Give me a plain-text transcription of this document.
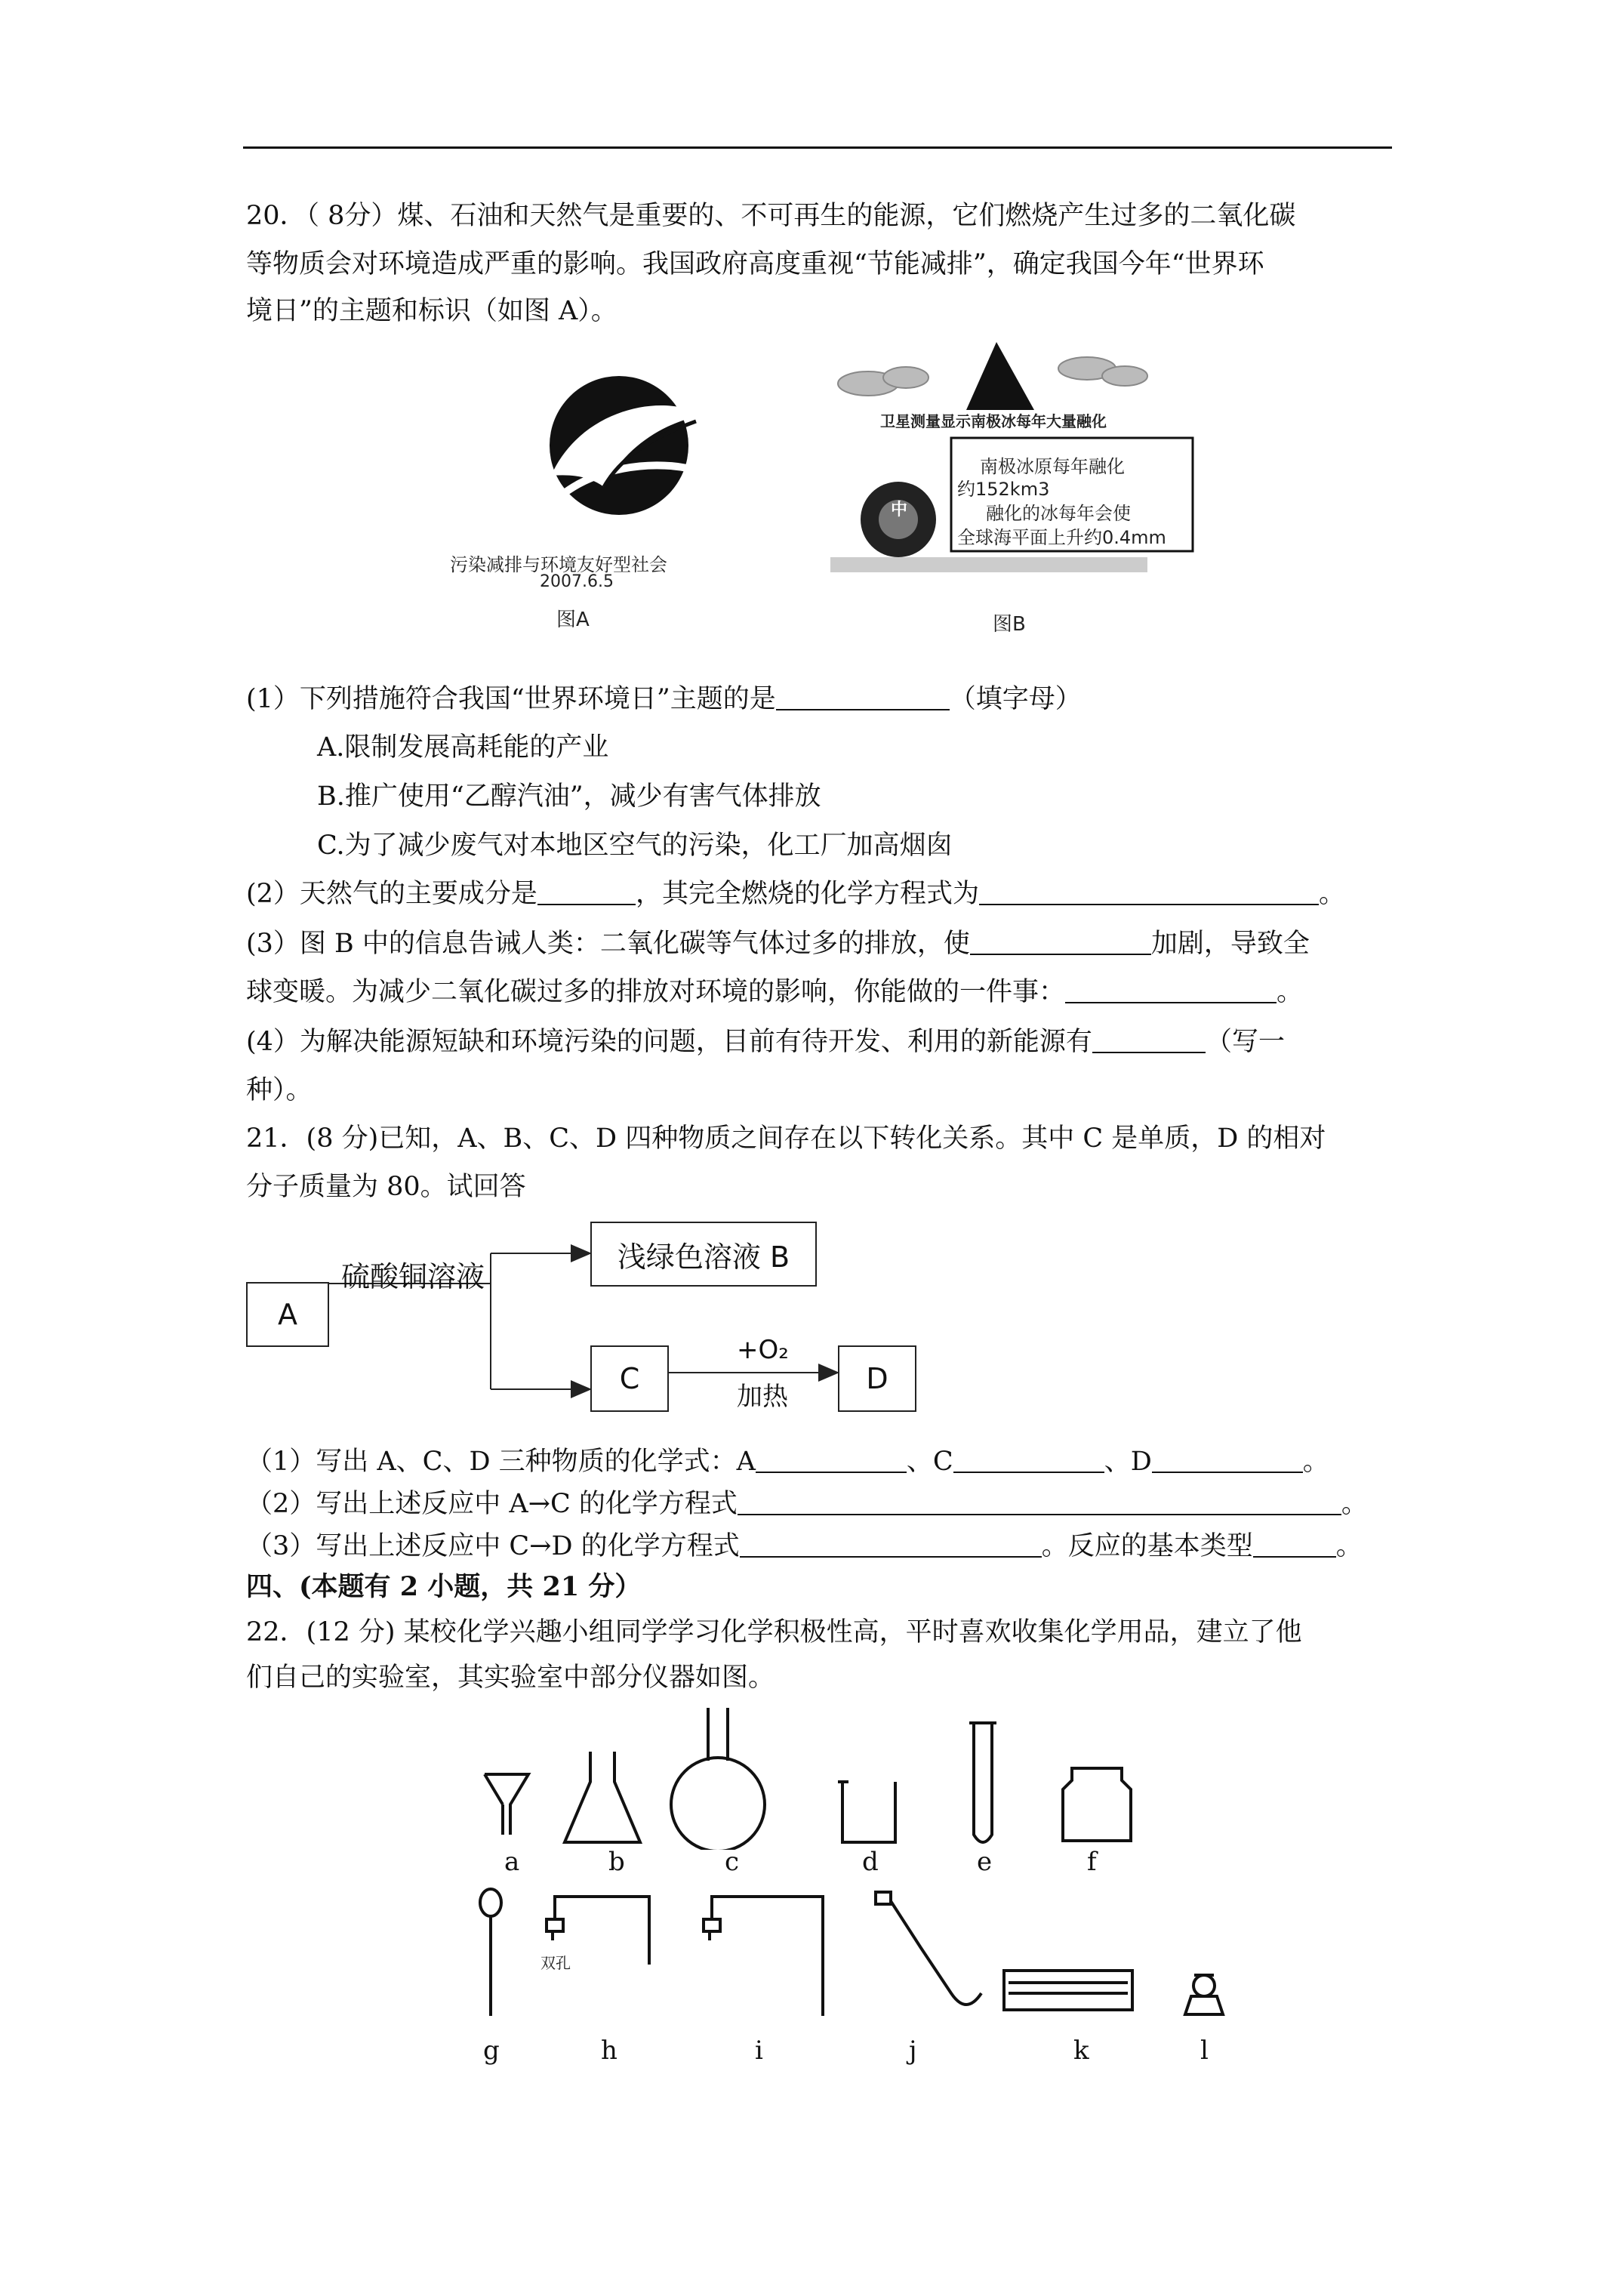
20．（ 8分）煤、石油和天然气是重要的、不可再生的能源，它们燃烧产生过多的二氧化碳
等物质会对环境造成严重的影响。我国政府高度重视“节能减排”，确定我国今年“世界环
境日”的主题和标识（如图 A）。
污染减排与环境友好型社会
2007.6.5
图A
卫星测量显示南极冰每年大量融化
中
南极冰原每年融化
约152km3
融化的冰每年会使
全球海平面上升约0.4mm
图B
(1）下列措施符合我国“世界环境日”主题的是	（填字母）
A.限制发展高耗能的产业
B.推广使用“乙醇汽油”，减少有害气体排放
C.为了减少废气对本地区空气的污染，化工厂加高烟囱
(2）天然气的主要成分是	，其完全燃烧的化学方程式为	。
(3）图 B 中的信息告诫人类：二氧化碳等气体过多的排放，使	加剧，导致全
球变暖。为减少二氧化碳过多的排放对环境的影响，你能做的一件事：	。
(4）为解决能源短缺和环境污染的问题，目前有待开发、利用的新能源有	（写一
种）。
21．(8 分)已知，A、B、C、D 四种物质之间存在以下转化关系。其中 C 是单质，D 的相对
分子质量为 80。试回答
A
硫酸铜溶液
浅绿色溶液 B
C
+O₂
加热
D
（1）写出 A、C、D 三种物质的化学式：A	、C	、D	。
（2）写出上述反应中 A→C 的化学方程式	。
（3）写出上述反应中 C→D 的化学方程式	。反应的基本类型	。
四、(本题有 2 小题，共 21 分）
22．(12 分) 某校化学兴趣小组同学学习化学积极性高，平时喜欢收集化学用品，建立了他
们自己的实验室，其实验室中部分仪器如图。
a	b	c	d	e	f
双孔
g	h	i	j	k	l
